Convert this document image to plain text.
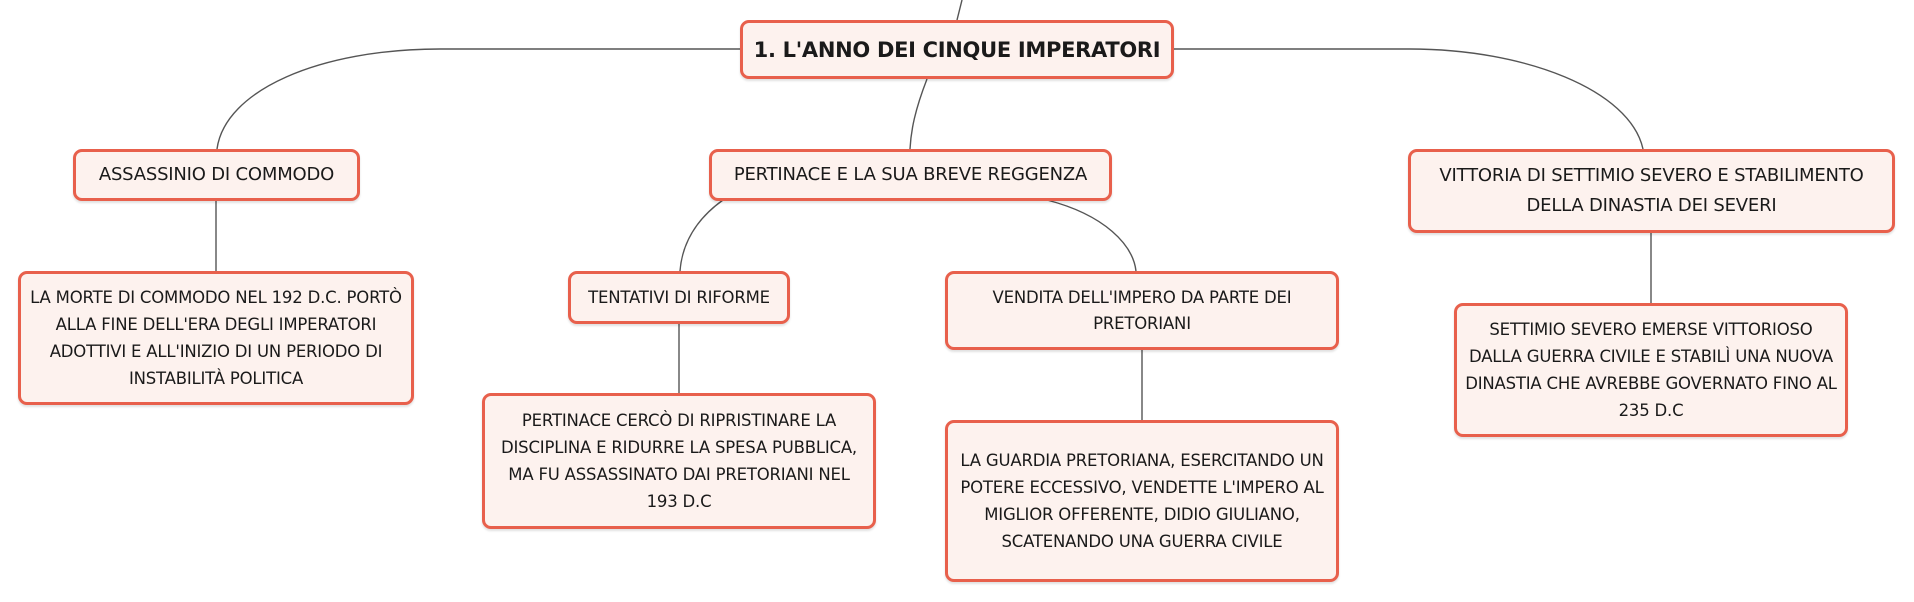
1. L'ANNO DEI CINQUE IMPERATORI
ASSASSINIO DI COMMODO	PERTINACE E LA SUA BREVE REGGENZA	VITTORIA DI SETTIMIO SEVERO E STABILIMENTO DELLA DINASTIA DEI SEVERI
LA MORTE DI COMMODO NEL 192 D.C. PORTÒ ALLA FINE DELL'ERA DEGLI IMPERATORI ADOTTIVI E ALL'INIZIO DI UN PERIODO DI INSTABILITÀ POLITICA
TENTATIVI DI RIFORME	VENDITA DELL'IMPERO DA PARTE DEI PRETORIANI
PERTINACE CERCÒ DI RIPRISTINARE LA DISCIPLINA E RIDURRE LA SPESA PUBBLICA, MA FU ASSASSINATO DAI PRETORIANI NEL 193 D.C
LA GUARDIA PRETORIANA, ESERCITANDO UN POTERE ECCESSIVO, VENDETTE L'IMPERO AL MIGLIOR OFFERENTE, DIDIO GIULIANO, SCATENANDO UNA GUERRA CIVILE
SETTIMIO SEVERO EMERSE VITTORIOSO DALLA GUERRA CIVILE E STABILÌ UNA NUOVA DINASTIA CHE AVREBBE GOVERNATO FINO AL 235 D.C
